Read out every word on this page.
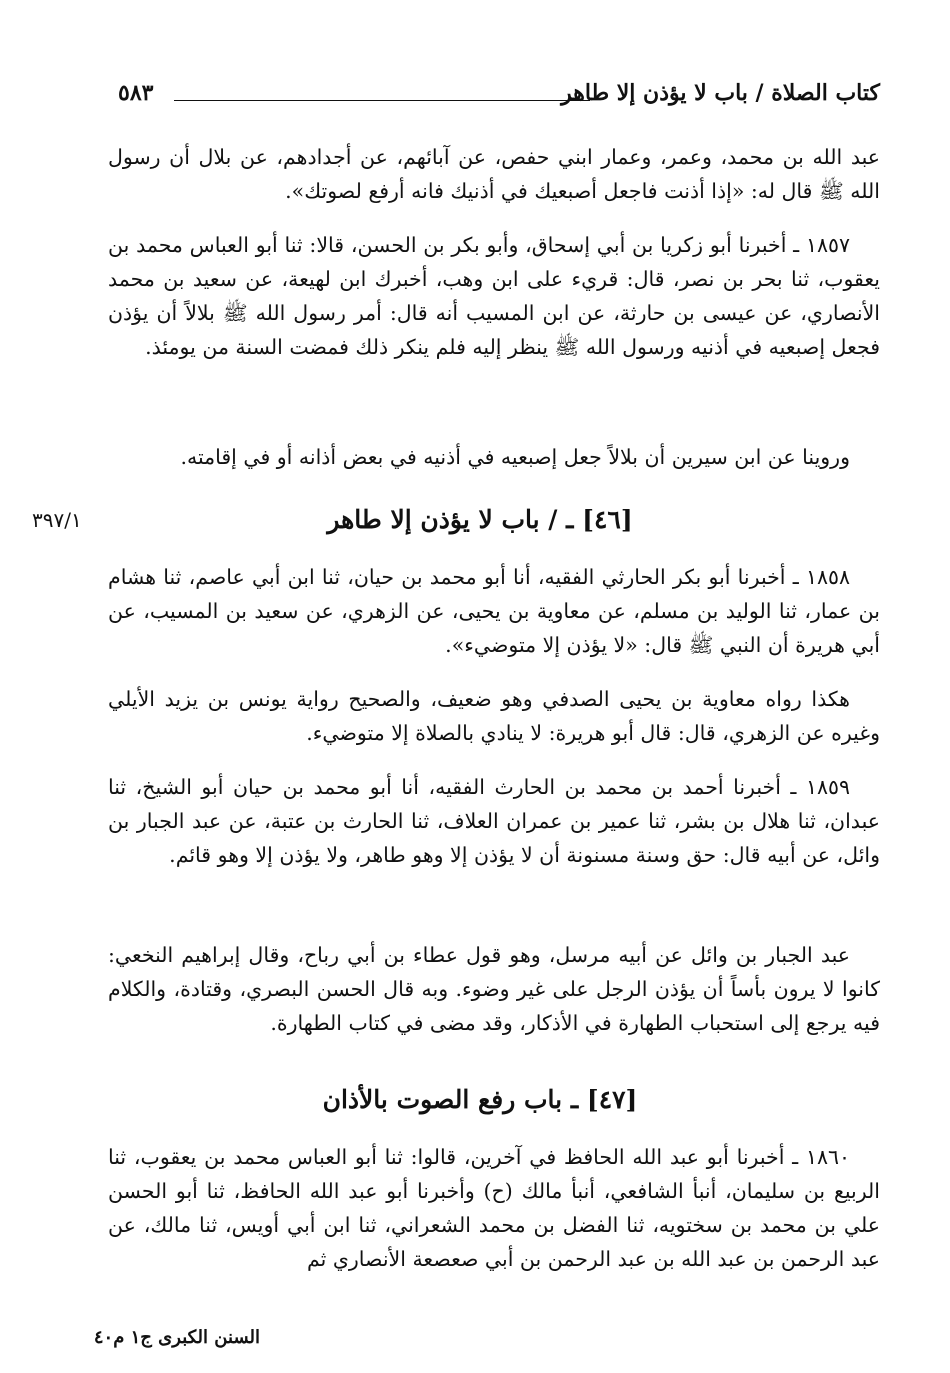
كتاب الصلاة / باب لا يؤذن إلا طاهر
٥٨٣

عبد الله بن محمد، وعمر، وعمار ابني حفص، عن آبائهم، عن أجدادهم، عن بلال أن رسول الله ﷺ قال له: «إذا أذنت فاجعل أصبعيك في أذنيك فانه أرفع لصوتك».

١٨٥٧ ـ أخبرنا أبو زكريا بن أبي إسحاق، وأبو بكر بن الحسن، قالا: ثنا أبو العباس محمد بن يعقوب، ثنا بحر بن نصر، قال: قريء على ابن وهب، أخبرك ابن لهيعة، عن سعيد بن محمد الأنصاري، عن عيسى بن حارثة، عن ابن المسيب أنه قال: أمر رسول الله ﷺ بلالاً أن يؤذن فجعل إصبعيه في أذنيه ورسول الله ﷺ ينظر إليه فلم ينكر ذلك فمضت السنة من يومئذ.

وروينا عن ابن سيرين أن بلالاً جعل إصبعيه في أذنيه في بعض أذانه أو في إقامته.

[٤٦] ـ / باب لا يؤذن إلا طاهر
٣٩٧/١

١٨٥٨ ـ أخبرنا أبو بكر الحارثي الفقيه، أنا أبو محمد بن حيان، ثنا ابن أبي عاصم، ثنا هشام بن عمار، ثنا الوليد بن مسلم، عن معاوية بن يحيى، عن الزهري، عن سعيد بن المسيب، عن أبي هريرة أن النبي ﷺ قال: «لا يؤذن إلا متوضيء».

هكذا رواه معاوية بن يحيى الصدفي وهو ضعيف، والصحيح رواية يونس بن يزيد الأيلي وغيره عن الزهري، قال: قال أبو هريرة: لا ينادي بالصلاة إلا متوضيء.

١٨٥٩ ـ أخبرنا أحمد بن محمد بن الحارث الفقيه، أنا أبو محمد بن حيان أبو الشيخ، ثنا عبدان، ثنا هلال بن بشر، ثنا عمير بن عمران العلاف، ثنا الحارث بن عتبة، عن عبد الجبار بن وائل، عن أبيه قال: حق وسنة مسنونة أن لا يؤذن إلا وهو طاهر، ولا يؤذن إلا وهو قائم.

عبد الجبار بن وائل عن أبيه مرسل، وهو قول عطاء بن أبي رباح، وقال إبراهيم النخعي: كانوا لا يرون بأساً أن يؤذن الرجل على غير وضوء. وبه قال الحسن البصري، وقتادة، والكلام فيه يرجع إلى استحباب الطهارة في الأذكار، وقد مضى في كتاب الطهارة.

[٤٧] ـ باب رفع الصوت بالأذان

١٨٦٠ ـ أخبرنا أبو عبد الله الحافظ في آخرين، قالوا: ثنا أبو العباس محمد بن يعقوب، ثنا الربيع بن سليمان، أنبأ الشافعي، أنبأ مالك (ح) وأخبرنا أبو عبد الله الحافظ، ثنا أبو الحسن علي بن محمد بن سختويه، ثنا الفضل بن محمد الشعراني، ثنا ابن أبي أويس، ثنا مالك، عن عبد الرحمن بن عبد الله بن عبد الرحمن بن أبي صعصعة الأنصاري ثم

السنن الكبرى ج١ م٤٠
